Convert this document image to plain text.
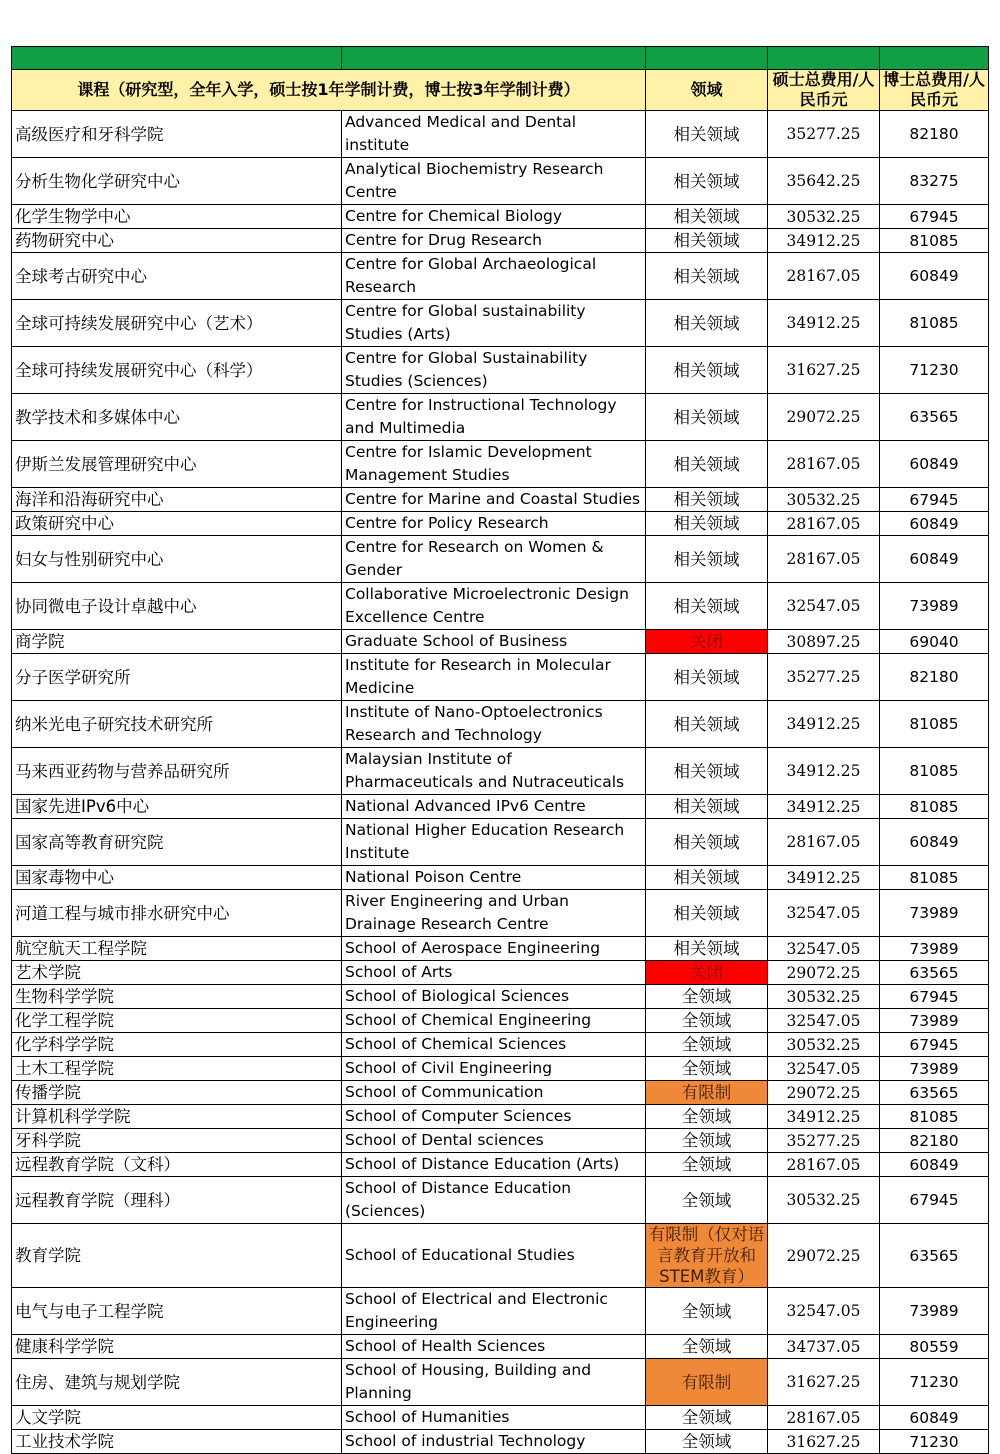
课程（研究型，全年入学，硕士按1年学制计费，博士按3年学制计费）		领域	硕士总费用/人民币元	博士总费用/人民币元
高级医疗和牙科学院	Advanced Medical and Dental institute	相关领域	35277.25	82180
分析生物化学研究中心	Analytical Biochemistry Research Centre	相关领域	35642.25	83275
化学生物学中心	Centre for Chemical Biology	相关领域	30532.25	67945
药物研究中心	Centre for Drug Research	相关领域	34912.25	81085
全球考古研究中心	Centre for Global Archaeological Research	相关领域	28167.05	60849
全球可持续发展研究中心（艺术）	Centre for Global sustainability Studies (Arts)	相关领域	34912.25	81085
全球可持续发展研究中心（科学）	Centre for Global Sustainability Studies (Sciences)	相关领域	31627.25	71230
教学技术和多媒体中心	Centre for Instructional Technology and Multimedia	相关领域	29072.25	63565
伊斯兰发展管理研究中心	Centre for Islamic Development Management Studies	相关领域	28167.05	60849
海洋和沿海研究中心	Centre for Marine and Coastal Studies	相关领域	30532.25	67945
政策研究中心	Centre for Policy Research	相关领域	28167.05	60849
妇女与性别研究中心	Centre for Research on Women & Gender	相关领域	28167.05	60849
协同微电子设计卓越中心	Collaborative Microelectronic Design Excellence Centre	相关领域	32547.05	73989
商学院	Graduate School of Business	关闭	30897.25	69040
分子医学研究所	Institute for Research in Molecular Medicine	相关领域	35277.25	82180
纳米光电子研究技术研究所	Institute of Nano-Optoelectronics Research and Technology	相关领域	34912.25	81085
马来西亚药物与营养品研究所	Malaysian Institute of Pharmaceuticals and Nutraceuticals	相关领域	34912.25	81085
国家先进IPv6中心	National Advanced IPv6 Centre	相关领域	34912.25	81085
国家高等教育研究院	National Higher Education Research Institute	相关领域	28167.05	60849
国家毒物中心	National Poison Centre	相关领域	34912.25	81085
河道工程与城市排水研究中心	River Engineering and Urban Drainage Research Centre	相关领域	32547.05	73989
航空航天工程学院	School of Aerospace Engineering	相关领域	32547.05	73989
艺术学院	School of Arts	关闭	29072.25	63565
生物科学学院	School of Biological Sciences	全领域	30532.25	67945
化学工程学院	School of Chemical Engineering	全领域	32547.05	73989
化学科学学院	School of Chemical Sciences	全领域	30532.25	67945
土木工程学院	School of Civil Engineering	全领域	32547.05	73989
传播学院	School of Communication	有限制	29072.25	63565
计算机科学学院	School of Computer Sciences	全领域	34912.25	81085
牙科学院	School of Dental sciences	全领域	35277.25	82180
远程教育学院（文科）	School of Distance Education (Arts)	全领域	28167.05	60849
远程教育学院（理科）	School of Distance Education (Sciences)	全领域	30532.25	67945
教育学院	School of Educational Studies	有限制（仅对语言教育开放和STEM教育）	29072.25	63565
电气与电子工程学院	School of Electrical and Electronic Engineering	全领域	32547.05	73989
健康科学学院	School of Health Sciences	全领域	34737.05	80559
住房、建筑与规划学院	School of Housing, Building and Planning	有限制	31627.25	71230
人文学院	School of Humanities	全领域	28167.05	60849
工业技术学院	School of industrial Technology	全领域	31627.25	71230
